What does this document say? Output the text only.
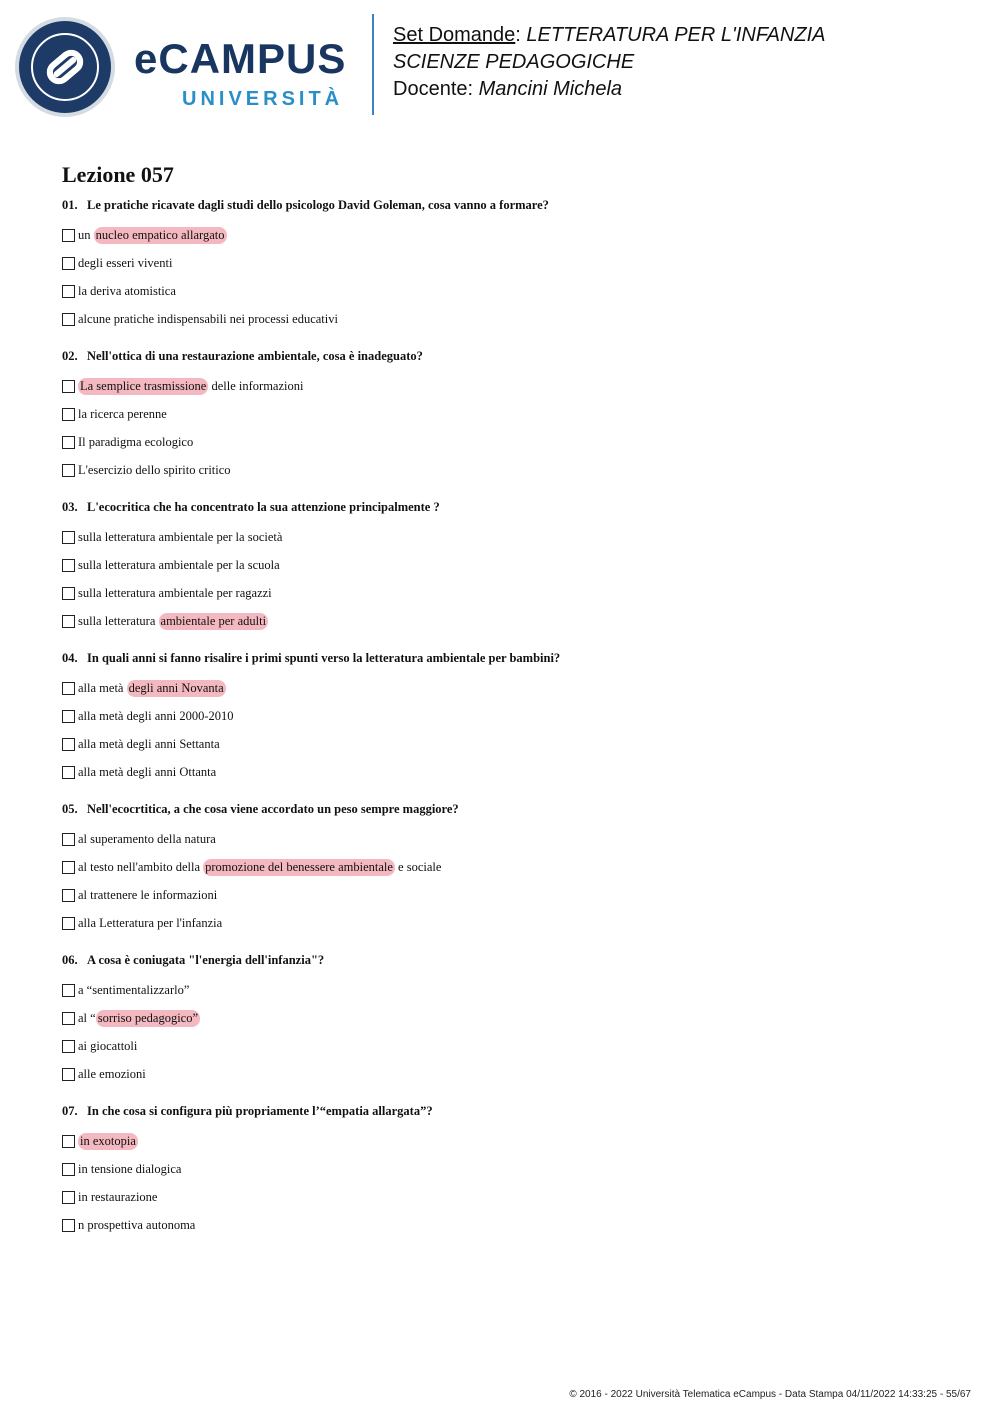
eCAMPUS
UNIVERSITÀ
Set Domande: LETTERATURA PER L'INFANZIA
SCIENZE PEDAGOGICHE
Docente: Mancini Michela
Lezione 057
01. Le pratiche ricavate dagli studi dello psicologo David Goleman, cosa vanno a formare?
un
nucleo empatico allargato
degli esseri viventi
la deriva atomistica
alcune pratiche indispensabili nei processi educativi
02. Nell'ottica di una restaurazione ambientale, cosa è inadeguato?
La semplice trasmissione
delle informazioni
la ricerca perenne
Il paradigma ecologico
L'esercizio dello spirito critico
03. L'ecocritica che ha concentrato la sua attenzione principalmente ?
sulla letteratura ambientale per la società
sulla letteratura ambientale per la scuola
sulla letteratura ambientale per ragazzi
sulla letteratura
ambientale per adulti
04. In quali anni si fanno risalire i primi spunti verso la letteratura ambientale per bambini?
alla metà
degli anni Novanta
alla metà degli anni 2000-2010
alla metà degli anni Settanta
alla metà degli anni Ottanta
05. Nell'ecocrtitica, a che cosa viene accordato un peso sempre maggiore?
al superamento della natura
al testo nell'ambito della
promozione del benessere ambientale
e sociale
al trattenere le informazioni
alla Letteratura per l'infanzia
06. A cosa è coniugata "l'energia dell'infanzia"?
a “sentimentalizzarlo”
al “ sorriso pedagogico”
ai giocattoli
alle emozioni
07. In che cosa si configura più propriamente l’“empatia allargata”?
in exotopia
in tensione dialogica
in restaurazione
n prospettiva autonoma
© 2016 - 2022 Università Telematica eCampus - Data Stampa 04/11/2022 14:33:25 - 55/67
